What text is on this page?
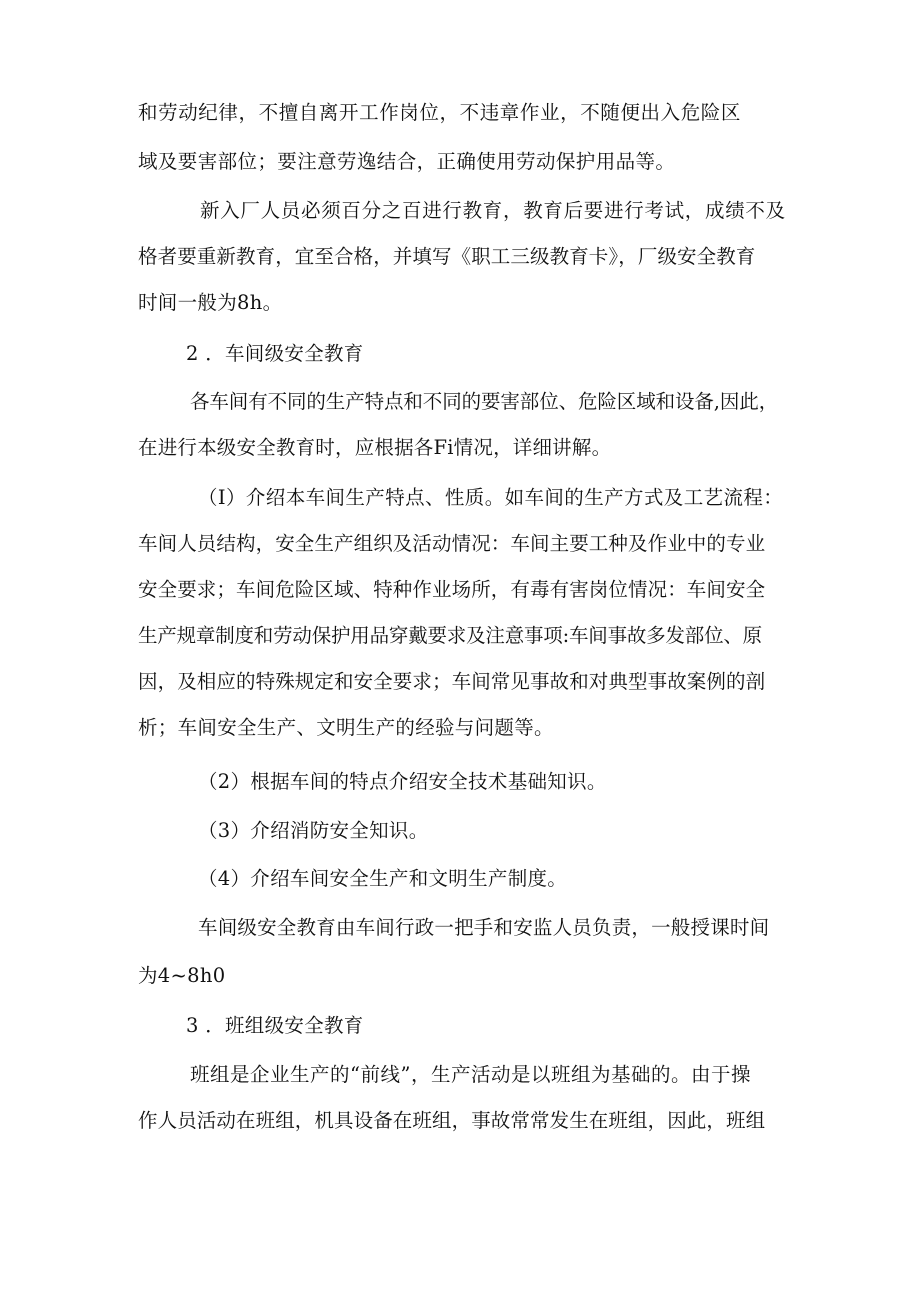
和劳动纪律，不擅自离开工作岗位，不违章作业，不随便出入危险区
域及要害部位；要注意劳逸结合，正确使用劳动保护用品等。
新入厂人员必须百分之百进行教育，教育后要进行考试，成绩不及
格者要重新教育，宜至合格，并填写《职工三级教育卡》，厂级安全教育
时间一般为8h。
2 ．车间级安全教育
各车间有不同的生产特点和不同的要害部位、危险区域和设备,因此，
在进行本级安全教育时，应根据各Fi情况，详细讲解。
（I）介绍本车间生产特点、性质。如车间的生产方式及工艺流程：
车间人员结构，安全生产组织及活动情况：车间主要工种及作业中的专业
安全要求；车间危险区域、特种作业场所，有毒有害岗位情况：车间安全
生产规章制度和劳动保护用品穿戴要求及注意事项:车间事故多发部位、原
因，及相应的特殊规定和安全要求；车间常见事故和对典型事故案例的剖
析；车间安全生产、文明生产的经验与问题等。
（2）根据车间的特点介绍安全技术基础知识。
（3）介绍消防安全知识。
（4）介绍车间安全生产和文明生产制度。
车间级安全教育由车间行政一把手和安监人员负责，一般授课时间
为4~8h0
3 ．班组级安全教育
班组是企业生产的“前线”，生产活动是以班组为基础的。由于操
作人员活动在班组，机具设备在班组，事故常常发生在班组，因此，班组
